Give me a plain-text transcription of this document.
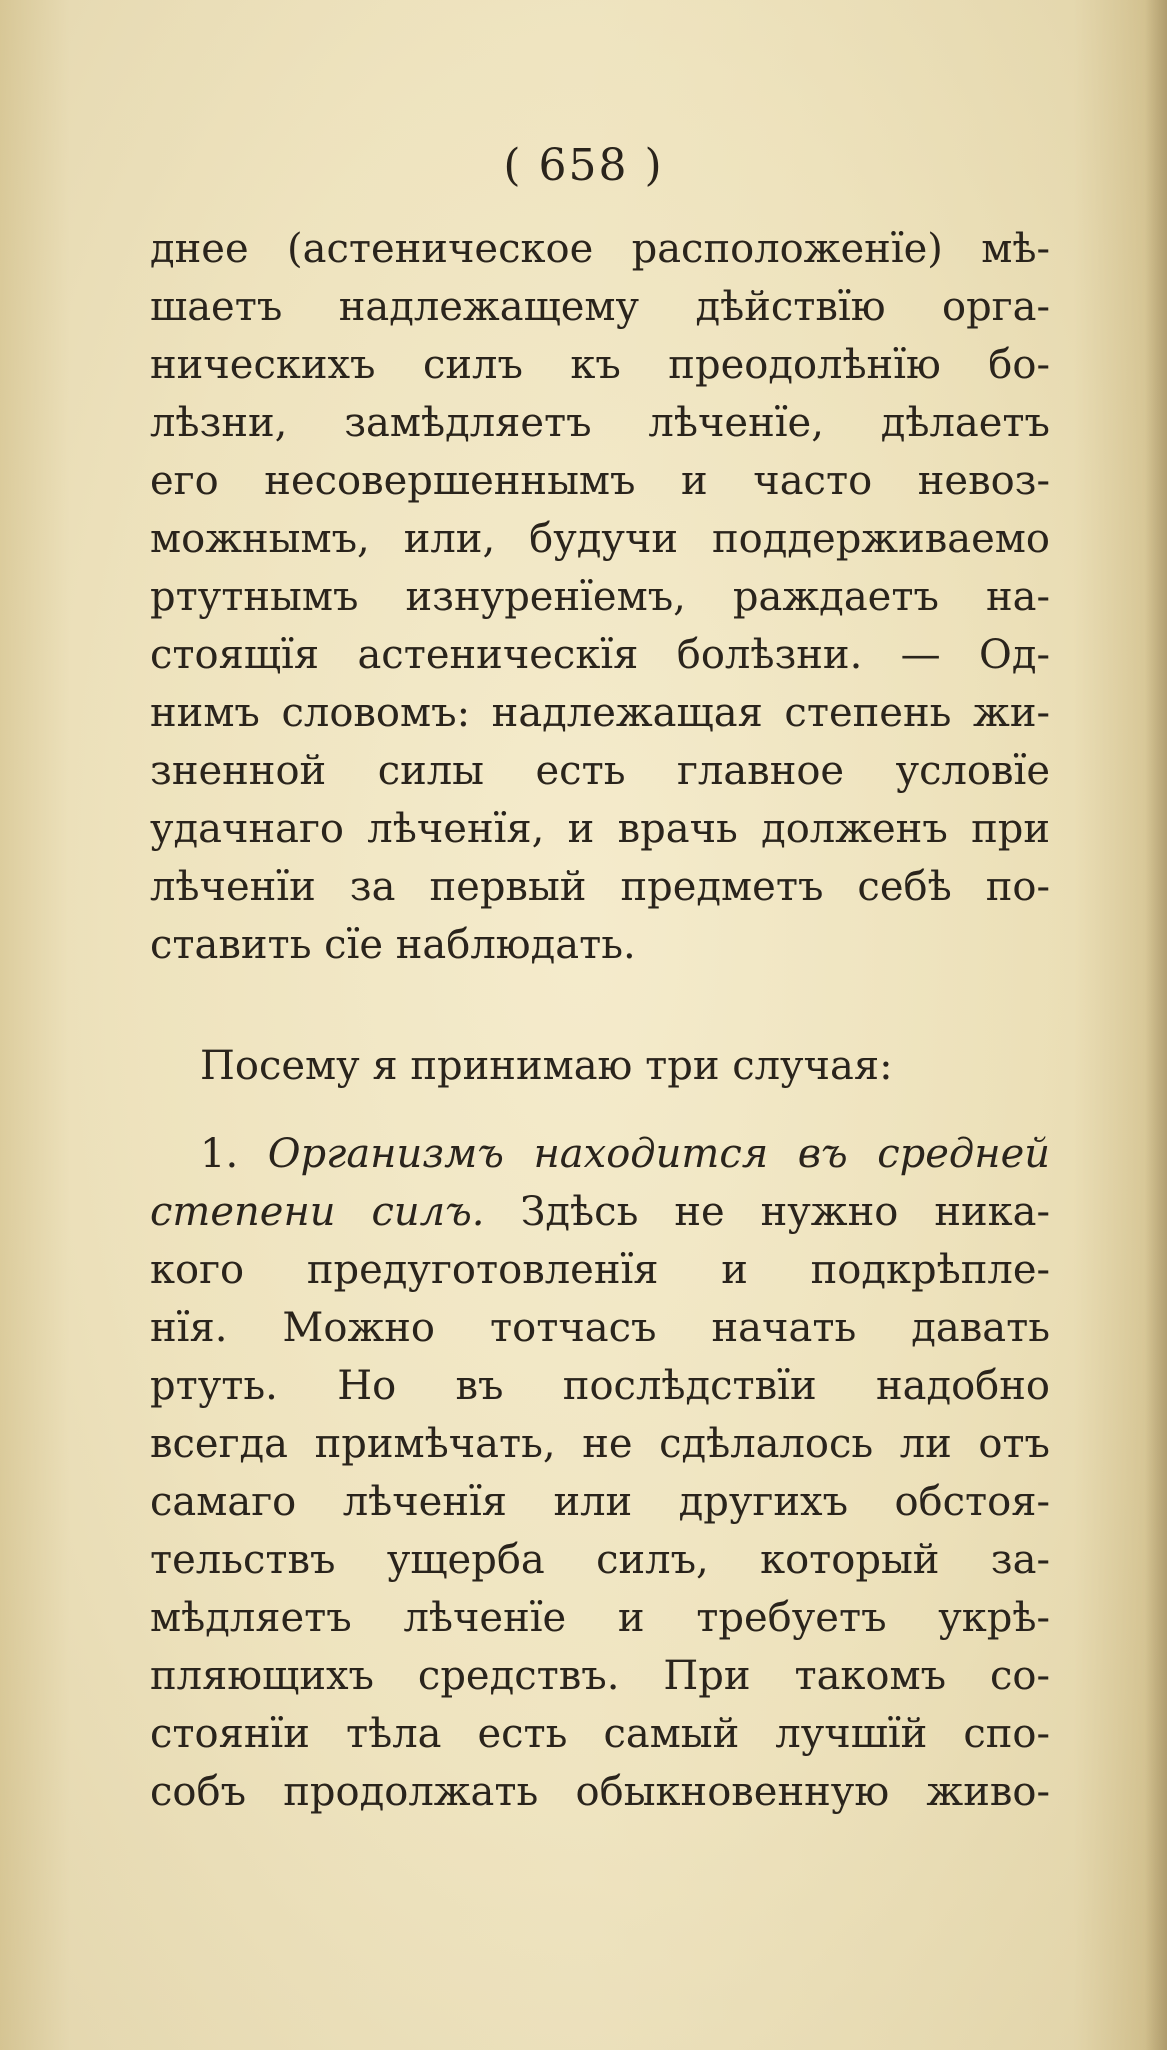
( 658 )
днее (астеническое расположенїе) мѣ-
шаетъ надлежащему дѣйствїю орга-
ническихъ силъ къ преодолѣнїю бо-
лѣзни, замѣдляетъ лѣченїе, дѣлаетъ
его несовершеннымъ и часто невоз-
можнымъ, или, будучи поддерживаемо
ртутнымъ изнуренїемъ, раждаетъ на-
стоящїя астеническїя болѣзни. — Од-
нимъ словомъ: надлежащая степень жи-
зненной силы есть главное условїе
удачнаго лѣченїя, и врачь долженъ при
лѣченїи за первый предметъ себѣ по-
ставить сїе наблюдать.
Посему я принимаю три случая:
1. Организмъ находится въ средней
степени силъ. Здѣсь не нужно ника-
кого предуготовленїя и подкрѣпле-
нїя. Можно тотчасъ начать давать
ртуть. Но въ послѣдствїи надобно
всегда примѣчать, не сдѣлалось ли отъ
самаго лѣченїя или другихъ обстоя-
тельствъ ущерба силъ, который за-
мѣдляетъ лѣченїе и требуетъ укрѣ-
пляющихъ средствъ. При такомъ со-
стоянїи тѣла есть самый лучшїй спо-
собъ продолжать обыкновенную живо-
